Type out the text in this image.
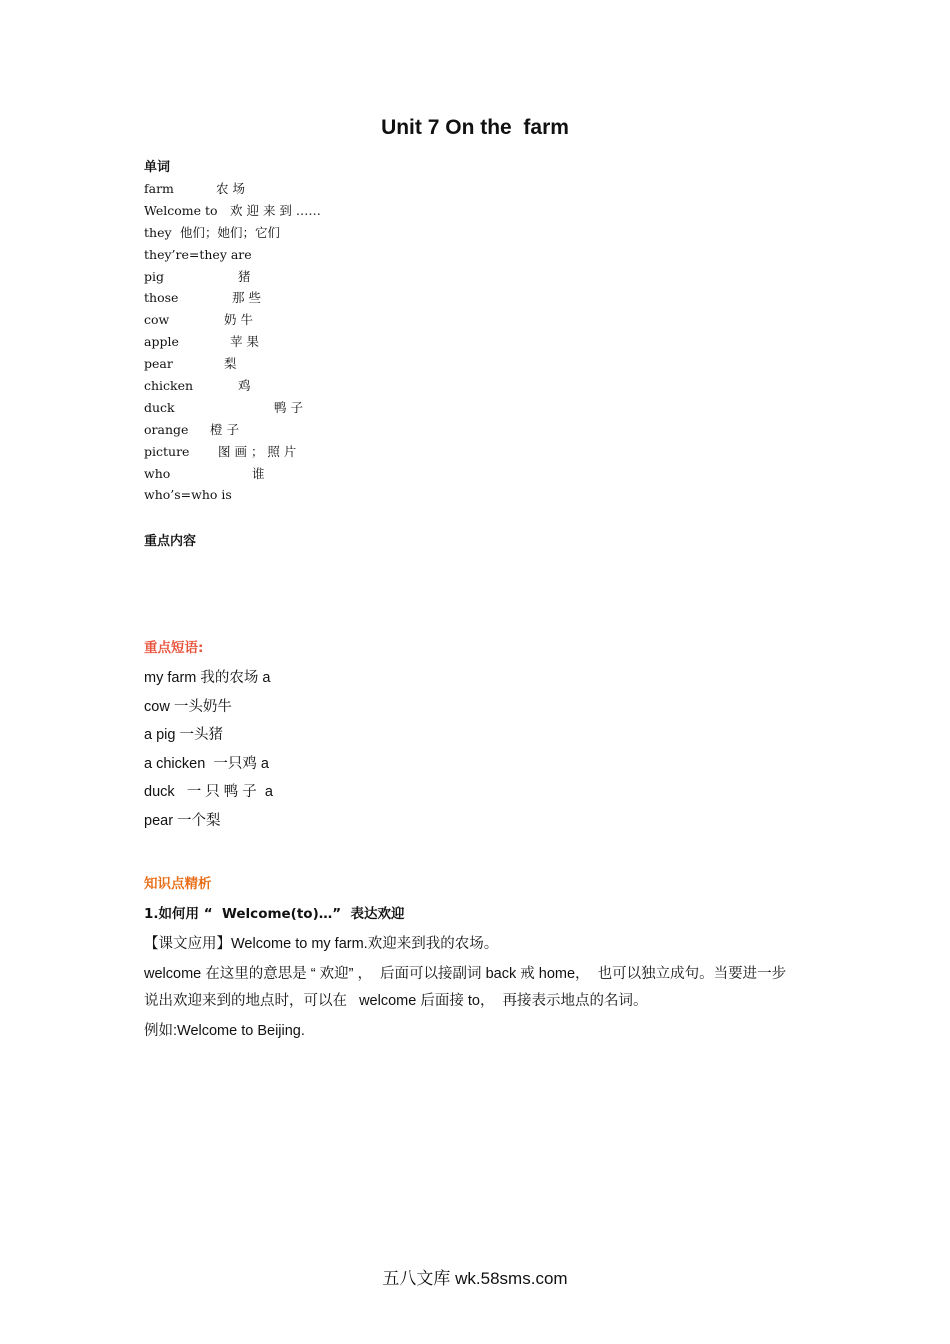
Unit 7 On the  farm
单词
farm	农 场
Welcome to 欢 迎 来 到 ……
they 他们；她们；它们
they’re=they are
pig	猪
those	那 些
cow	奶 牛
apple	苹 果
pear	梨
chicken	鸡
duck	鸭 子
orange 橙 子
picture 图 画 ； 照 片
who	谁
who’s=who is
重点内容
重点短语:
my farm 我的农场 a
cow 一头奶牛
a pig 一头猪
a chicken  一只鸡 a
duck   一 只 鸭 子  a
pear 一个梨
知识点精析
1.如何用 “  Welcome(to)…”  表达欢迎
【课文应用】Welcome to my farm.欢迎来到我的农场。
welcome 在这里的意思是 “ 欢迎” ，  后面可以接副词 back 戒 home，  也可以独立成句。当要进一步
说出欢迎来到的地点时，可以在   welcome 后面接 to，  再接表示地点的名词。
例如:Welcome to Beijing.
五八文库 wk.58sms.com
